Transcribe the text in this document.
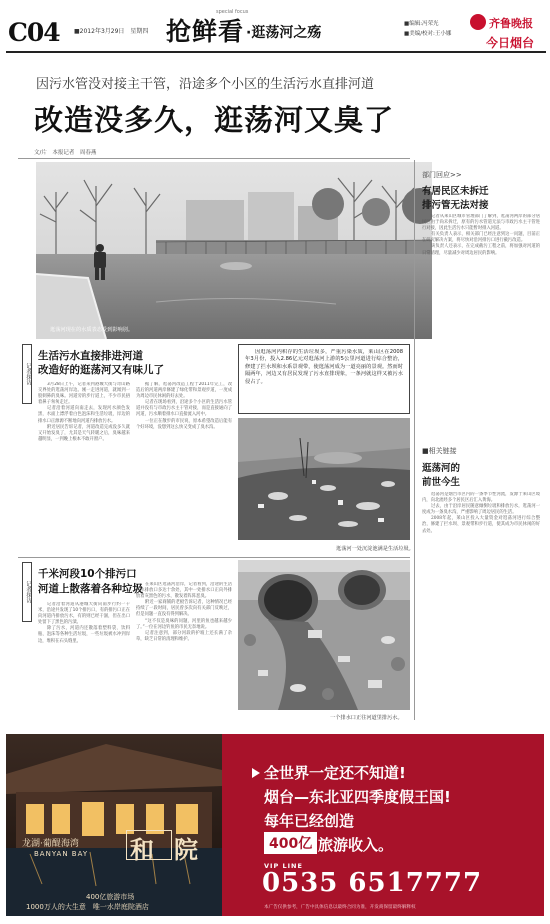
C04 ■2012年3月29日　星期四 抢鲜看
special focus
·逛荡河之殇
■编辑:冯荣光
■美编/校对:王小娜
齐鲁晚报
今日烟台
因污水管没对接主干管，沿途多个小区的生活污水直排河道
改造没多久，逛荡河又臭了
文/片　本报记者　周春燕
逛荡河现在的水质表态受到影响别。
记者探访
生活污水直接排进河道
改造好的逛荡河又有味儿了

3月28日上午，记者来到港城大街与奇山路交界处的逛荡河岸边。刚一走进河道，就闻到一股刺鼻的臭味。河道旁的步行道上，不少市民捂着鼻子匆匆走过。

记者沿着河道向南走去，发现河水颜色发黑，水面上漂浮着白色泡沫和生活垃圾，岸边的排水口正源源不断地向河道内排放污水。

附近居民告诉记者，河道改造完成没多久就又开始发臭了，尤其是天气转暖之后，臭味越来越明显，一到晚上根本不敢开窗户。

据了解，逛荡河改造工程于2011年完工，改造后的河道两岸修建了绿化带和景观步道，一度成为周边市民休闲的好去处。

记者在现场看到，沿途多个小区的生活污水管道并没有与市政污水主干管对接，而是直接通向了河道，污水顺着排水口直接流入河中。

一位正在散步的市民说，原本希望改造后能有个好环境，没想到这么快又变成了臭水沟。

因逛荡河内积存的生活垃圾多，严重污染水质，莱山区在2008年3月份，投入2.86亿元对逛荡河上游的5公里河道进行综合整治，修建了拦水坝和水系景观带，使逛荡河成为一道亮丽的景观。然而时隔两年，河边又有居民发现了污水直排现象，一条河就这样又被污水侵占了。
逛荡河一处沉淀池满是生活垃圾。
记者探访
千米河段10个排污口
河道上散落着各种垃圾

记者沿着河道从港城大街向南步行约一千米，沿途共发现了10个排污口，有的排污口正在向河道内排放污水，有的则已经干涸，但在出口处留下了黑色的污渍。

除了污水，河道内还散落着塑料袋、饮料瓶、泡沫等各种生活垃圾，一些垃圾被水冲到岸边，堆积在石头缝里。

在莱山区逛荡河沿岸，记者看到，沿途的生活污水排放口多达十余处，其中一处排水口正向外排放着灰黑色的污水，散发着阵阵恶臭。

附近一家商铺的老板告诉记者，这种情况已经持续了一段时间，居民曾多次向有关部门反映过，但是问题一直没有得到解决。

“这不仅是臭味的问题，河里的鱼也越来越少了。”一位在河边钓鱼的市民无奈地说。

记者注意到，部分河段的护坡上还长满了杂草，缺乏日常的清理和维护。

一个排水口正往河道里排污水。
部门回应>>
有居民区未拆迁
排污管无法对接

记者从莱山区城市管理部门了解到，逛荡河两岸的部分居民区由于尚未拆迁，原有的污水管道无法与市政污水主干管进行对接，因此生活污水只能暂时排入河道。

有关负责人表示，相关部门已经注意到这一问题，目前正在研究解决方案，将尽快对沿河排污口进行截污改造。

该负责人还表示，在完成截污工程之前，将加强对河道的日常清理，尽量减少对周边居民的影响。

■相关链接
逛荡河的
前世今生

逛荡河是烟台市区内的一条季节性河流，发源于莱山区境内，向北流经多个居民区后汇入黄海。

过去，由于沿岸居民随意倾倒垃圾和排放污水，逛荡河一度成为一条臭水沟，严重影响了周边居民的生活。

2008年起，莱山区投入大量资金对逛荡河进行综合整治，修建了拦水坝、景观带和步行道，使其成为市民休闲的好去处。

龙湖·葡醍海湾
BANYAN BAY 和 院
400亿旅游市场
1000万人的大生意　唯一水岸庭院酒店
全世界一定还不知道!
烟台—东北亚四季度假王国!
每年已经创造
400亿 旅游收入。
VIP LINE
0535 6517777
本广告仅供参考，广告中具体信息以最终合同为准，开发商保留最终解释权
